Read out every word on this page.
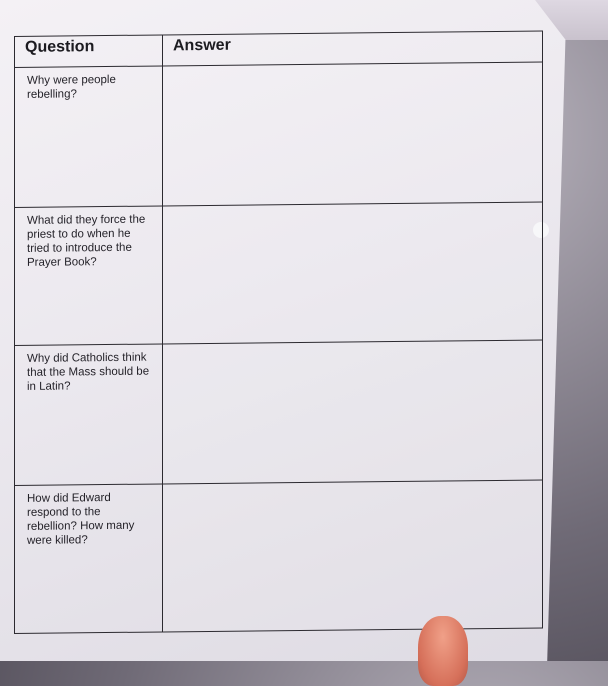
Question	Answer
Why were people rebelling?	
What did they force the priest to do when he tried to introduce the Prayer Book?	
Why did Catholics think that the Mass should be in Latin?	
How did Edward respond to the rebellion? How many were killed?	
